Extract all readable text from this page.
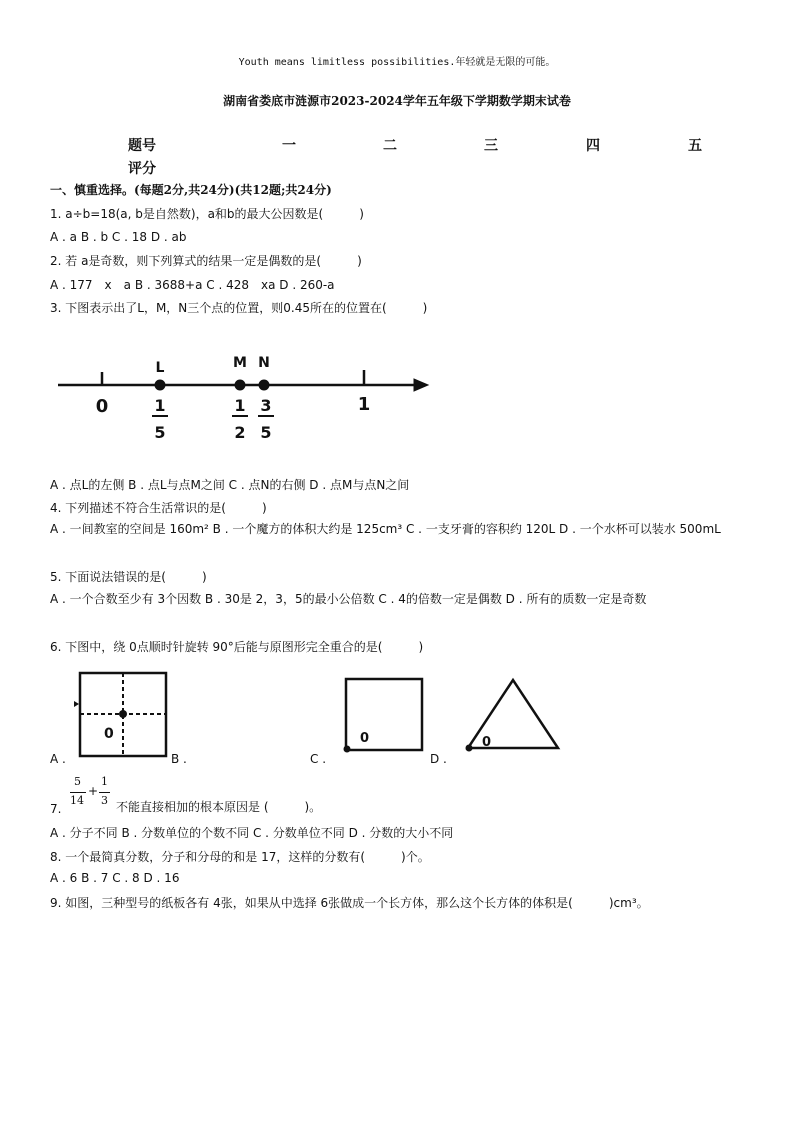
Youth means limitless possibilities.年轻就是无限的可能。
湖南省娄底市涟源市2023-2024学年五年级下学期数学期末试卷
题号	一	二	三	四	五
评分
一、慎重选择。(每题2分,共24分)(共12题;共24分)
1. a÷b=18(a, b是自然数)，a和b的最大公因数是(　　　)
A . a B . b C . 18 D . ab
2. 若 a是奇数，则下列算式的结果一定是偶数的是(　　　)
A . 177　x　a B . 3688+a C . 428　xa D . 260-a
3. 下图表示出了L，M，N三个点的位置，则0.45所在的位置在(　　　)
L	M N
0	1
1
5
1
2
3
5
A . 点L的左侧 B . 点L与点M之间 C . 点N的右侧 D . 点M与点N之间
4. 下列描述不符合生活常识的是(　　　)
A . 一间教室的空间是 160m² B . 一个魔方的体积大约是 125cm³ C . 一支牙膏的容积约 120L D . 一个水杯可以装水 500mL
5. 下面说法错误的是(　　　)
A . 一个合数至少有 3个因数 B . 30是 2，3，5的最小公倍数 C . 4的倍数一定是偶数 D . 所有的质数一定是奇数
6. 下图中，绕 0点顺时针旋转 90°后能与原图形完全重合的是(　　　)
A .
0
B .	C .
0
D .
0
5
14
+
1
3
7.	不能直接相加的根本原因是 (　　　)。
A . 分子不同 B . 分数单位的个数不同 C . 分数单位不同 D . 分数的大小不同
8. 一个最简真分数，分子和分母的和是 17，这样的分数有(　　　)个。
A . 6 B . 7 C . 8 D . 16
9. 如图，三种型号的纸板各有 4张，如果从中选择 6张做成一个长方体，那么这个长方体的体积是(　　　)cm³。
